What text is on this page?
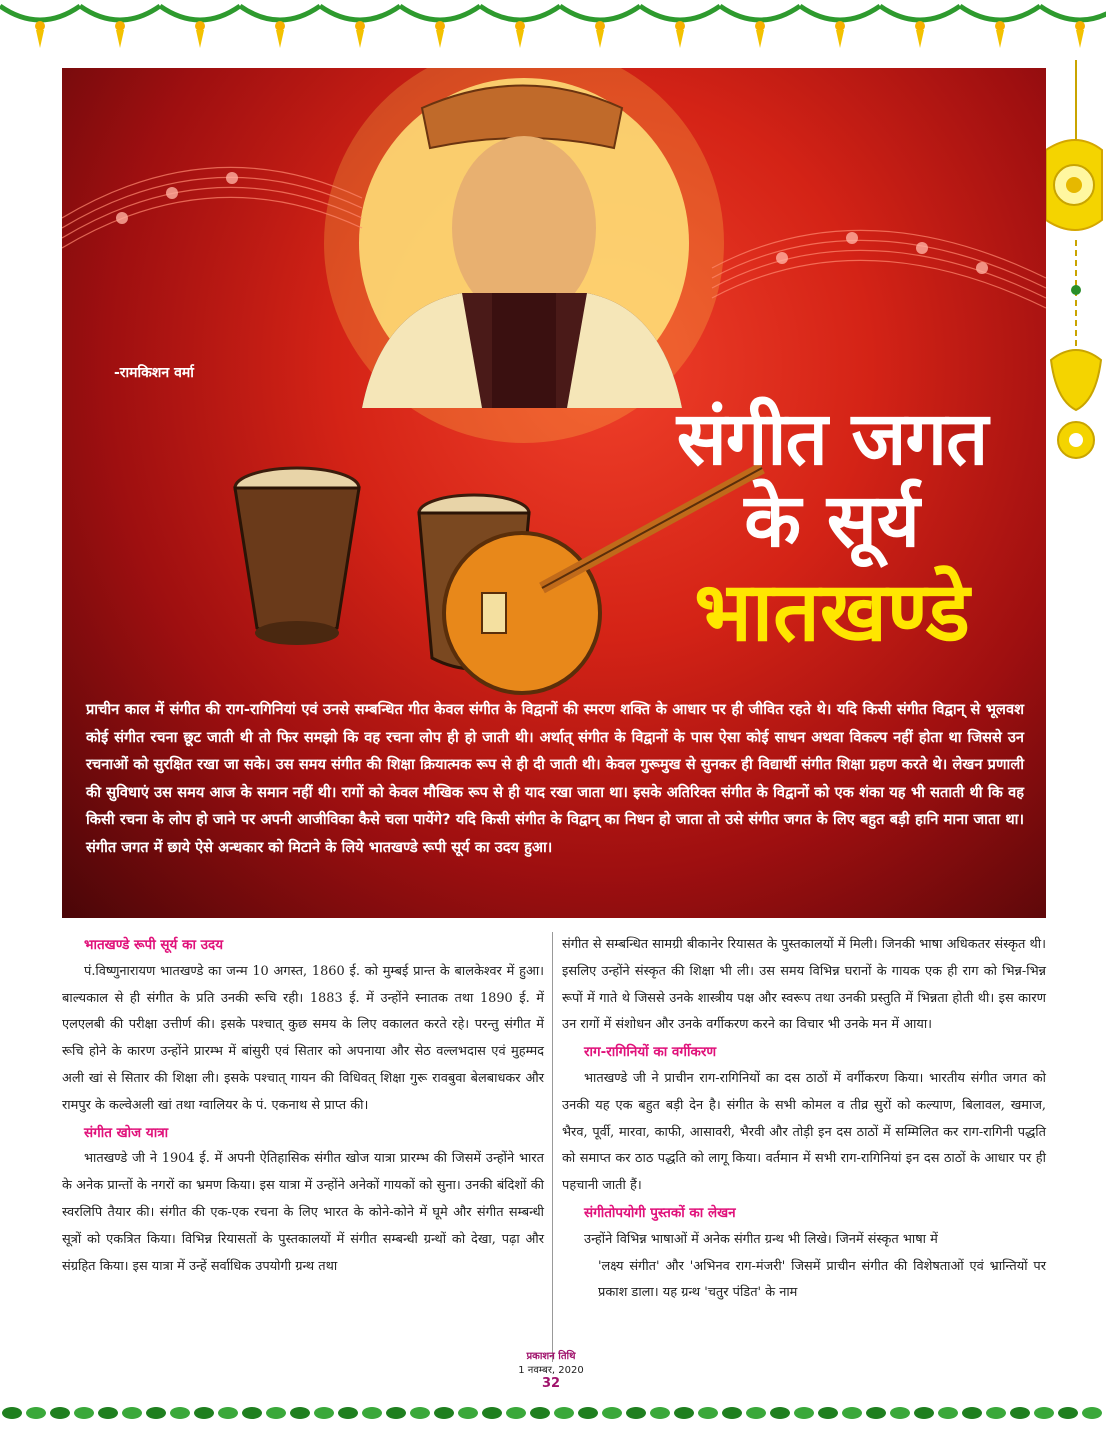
-रामकिशन वर्मा
संगीत जगत
के सूर्य
भातखण्डे
प्राचीन काल में संगीत की राग-रागिनियां एवं उनसे सम्बन्धित गीत केवल संगीत के विद्वानों की स्मरण शक्ति के आधार पर ही जीवित रहते थे। यदि किसी संगीत विद्वान् से भूलवश कोई संगीत रचना छूट जाती थी तो फिर समझो कि वह रचना लोप ही हो जाती थी। अर्थात् संगीत के विद्वानों के पास ऐसा कोई साधन अथवा विकल्प नहीं होता था जिससे उन रचनाओं को सुरक्षित रखा जा सके। उस समय संगीत की शिक्षा क्रियात्मक रूप से ही दी जाती थी। केवल गुरूमुख से सुनकर ही विद्यार्थी संगीत शिक्षा ग्रहण करते थे। लेखन प्रणाली की सुविधाएं उस समय आज के समान नहीं थी। रागों को केवल मौखिक रूप से ही याद रखा जाता था। इसके अतिरिक्त संगीत के विद्वानों को एक शंका यह भी सताती थी कि वह किसी रचना के लोप हो जाने पर अपनी आजीविका कैसे चला पायेंगे? यदि किसी संगीत के विद्वान् का निधन हो जाता तो उसे संगीत जगत के लिए बहुत बड़ी हानि माना जाता था। संगीत जगत में छाये ऐसे अन्धकार को मिटाने के लिये भातखण्डे रूपी सूर्य का उदय हुआ।
भातखण्डे रूपी सूर्य का उदय

पं.विष्णुनारायण भातखण्डे का जन्म 10 अगस्त, 1860 ई. को मुम्बई प्रान्त के बालकेश्वर में हुआ। बाल्यकाल से ही संगीत के प्रति उनकी रूचि रही। 1883 ई. में उन्होंने स्नातक तथा 1890 ई. में एलएलबी की परीक्षा उत्तीर्ण की। इसके पश्चात् कुछ समय के लिए वकालत करते रहे। परन्तु संगीत में रूचि होने के कारण उन्होंने प्रारम्भ में बांसुरी एवं सितार को अपनाया और सेठ वल्लभदास एवं मुहम्मद अली खां से सितार की शिक्षा ली। इसके पश्चात् गायन की विधिवत् शिक्षा गुरू रावबुवा बेलबाधकर और रामपुर के कल्वेअली खां तथा ग्वालियर के पं. एकनाथ से प्राप्त की।

संगीत खोज यात्रा

भातखण्डे जी ने 1904 ई. में अपनी ऐतिहासिक संगीत खोज यात्रा प्रारम्भ की जिसमें उन्होंने भारत के अनेक प्रान्तों के नगरों का भ्रमण किया। इस यात्रा में उन्होंने अनेकों गायकों को सुना। उनकी बंदिशों की स्वरलिपि तैयार की। संगीत की एक-एक रचना के लिए भारत के कोने-कोने में घूमे और संगीत सम्बन्धी सूत्रों को एकत्रित किया। विभिन्न रियासतों के पुस्तकालयों में संगीत सम्बन्धी ग्रन्थों को देखा, पढ़ा और संग्रहित किया। इस यात्रा में उन्हें सर्वाधिक उपयोगी ग्रन्थ तथा

संगीत से सम्बन्धित सामग्री बीकानेर रियासत के पुस्तकालयों में मिली। जिनकी भाषा अधिकतर संस्कृत थी। इसलिए उन्होंने संस्कृत की शिक्षा भी ली। उस समय विभिन्न घरानों के गायक एक ही राग को भिन्न-भिन्न रूपों में गाते थे जिससे उनके शास्त्रीय पक्ष और स्वरूप तथा उनकी प्रस्तुति में भिन्नता होती थी। इस कारण उन रागों में संशोधन और उनके वर्गीकरण करने का विचार भी उनके मन में आया।

राग-रागिनियों का वर्गीकरण

भातखण्डे जी ने प्राचीन राग-रागिनियों का दस ठाठों में वर्गीकरण किया। भारतीय संगीत जगत को उनकी यह एक बहुत बड़ी देन है। संगीत के सभी कोमल व तीव्र सुरों को कल्याण, बिलावल, खमाज, भैरव, पूर्वी, मारवा, काफी, आसावरी, भैरवी और तोड़ी इन दस ठाठों में सम्मिलित कर राग-रागिनी पद्धति को समाप्त कर ठाठ पद्धति को लागू किया। वर्तमान में सभी राग-रागिनियां इन दस ठाठों के आधार पर ही पहचानी जाती हैं।

संगीतोपयोगी पुस्तकों का लेखन

उन्होंने विभिन्न भाषाओं में अनेक संगीत ग्रन्थ भी लिखे। जिनमें संस्कृत भाषा में

'लक्ष्य संगीत' और 'अभिनव राग-मंजरी' जिसमें प्राचीन संगीत की विशेषताओं एवं भ्रान्तियों पर प्रकाश डाला। यह ग्रन्थ 'चतुर पंडित' के नाम

प्रकाशन तिथि
1 नवम्बर, 2020
32
